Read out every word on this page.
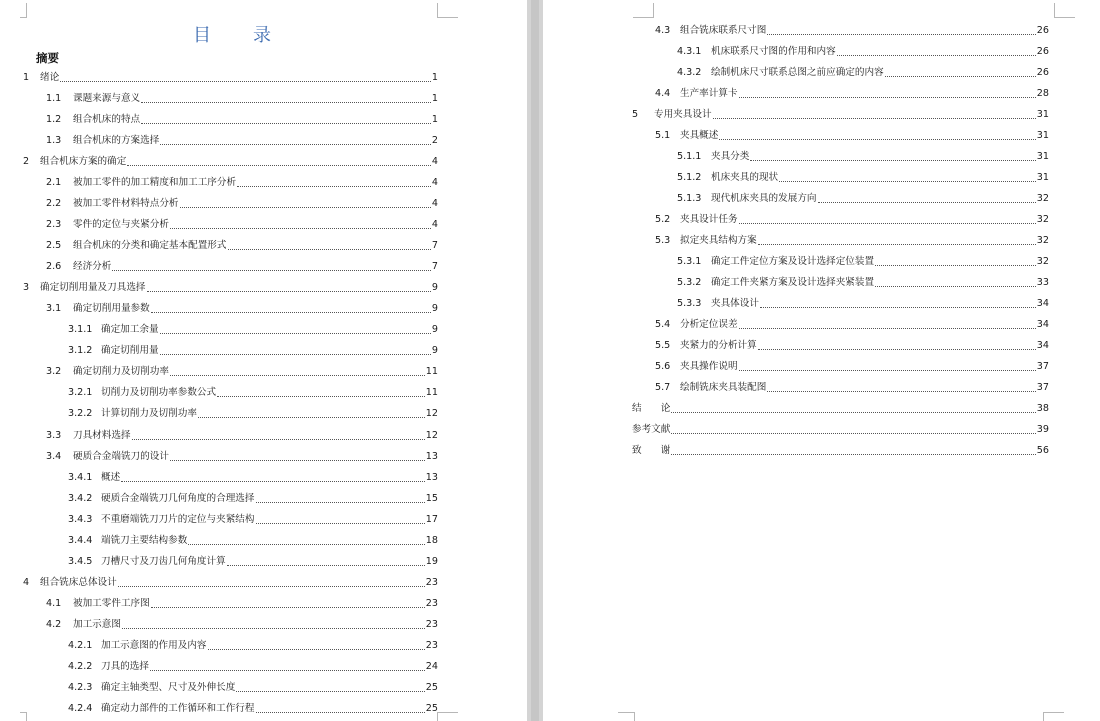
目　录
摘要
1	绪论	1
1.1	课题来源与意义	1
1.2	组合机床的特点	1
1.3	组合机床的方案选择	2
2	组合机床方案的确定	4
2.1	被加工零件的加工精度和加工工序分析	4
2.2	被加工零件材料特点分析	4
2.3	零件的定位与夹紧分析	4
2.5	组合机床的分类和确定基本配置形式	7
2.6	经济分析	7
3	确定切削用量及刀具选择	9
3.1	确定切削用量参数	9
3.1.1 确定加工余量	9
3.1.2 确定切削用量	9
3.2	确定切削力及切削功率	11
3.2.1 切削力及切削功率参数公式	11
3.2.2 计算切削力及切削功率	12
3.3	刀具材料选择	12
3.4	硬质合金端铣刀的设计	13
3.4.1 概述	13
3.4.2 硬质合金端铣刀几何角度的合理选择	15
3.4.3 不重磨端铣刀刀片的定位与夹紧结构	17
3.4.4 端铣刀主要结构参数	18
3.4.5 刀槽尺寸及刀齿几何角度计算	19
4	组合铣床总体设计	23
4.1	被加工零件工序图	23
4.2	加工示意图	23
4.2.1 加工示意图的作用及内容	23
4.2.2 刀具的选择	24
4.2.3 确定主轴类型、尺寸及外伸长度	25
4.2.4 确定动力部件的工作循环和工作行程	25
4.3	组合铣床联系尺寸图	26
4.3.1 机床联系尺寸图的作用和内容	26
4.3.2 绘制机床尺寸联系总图之前应确定的内容	26
4.4	生产率计算卡	28
5	专用夹具设计	31
5.1	夹具概述	31
5.1.1 夹具分类	31
5.1.2 机床夹具的现状	31
5.1.3 现代机床夹具的发展方向	32
5.2	夹具设计任务	32
5.3	拟定夹具结构方案	32
5.3.1 确定工件定位方案及设计选择定位装置	32
5.3.2 确定工件夹紧方案及设计选择夹紧装置	33
5.3.3 夹具体设计	34
5.4	分析定位误差	34
5.5	夹紧力的分析计算	34
5.6	夹具操作说明	37
5.7	绘制铣床夹具装配图	37
结　　论	38
参考文献	39
致　　谢	56
